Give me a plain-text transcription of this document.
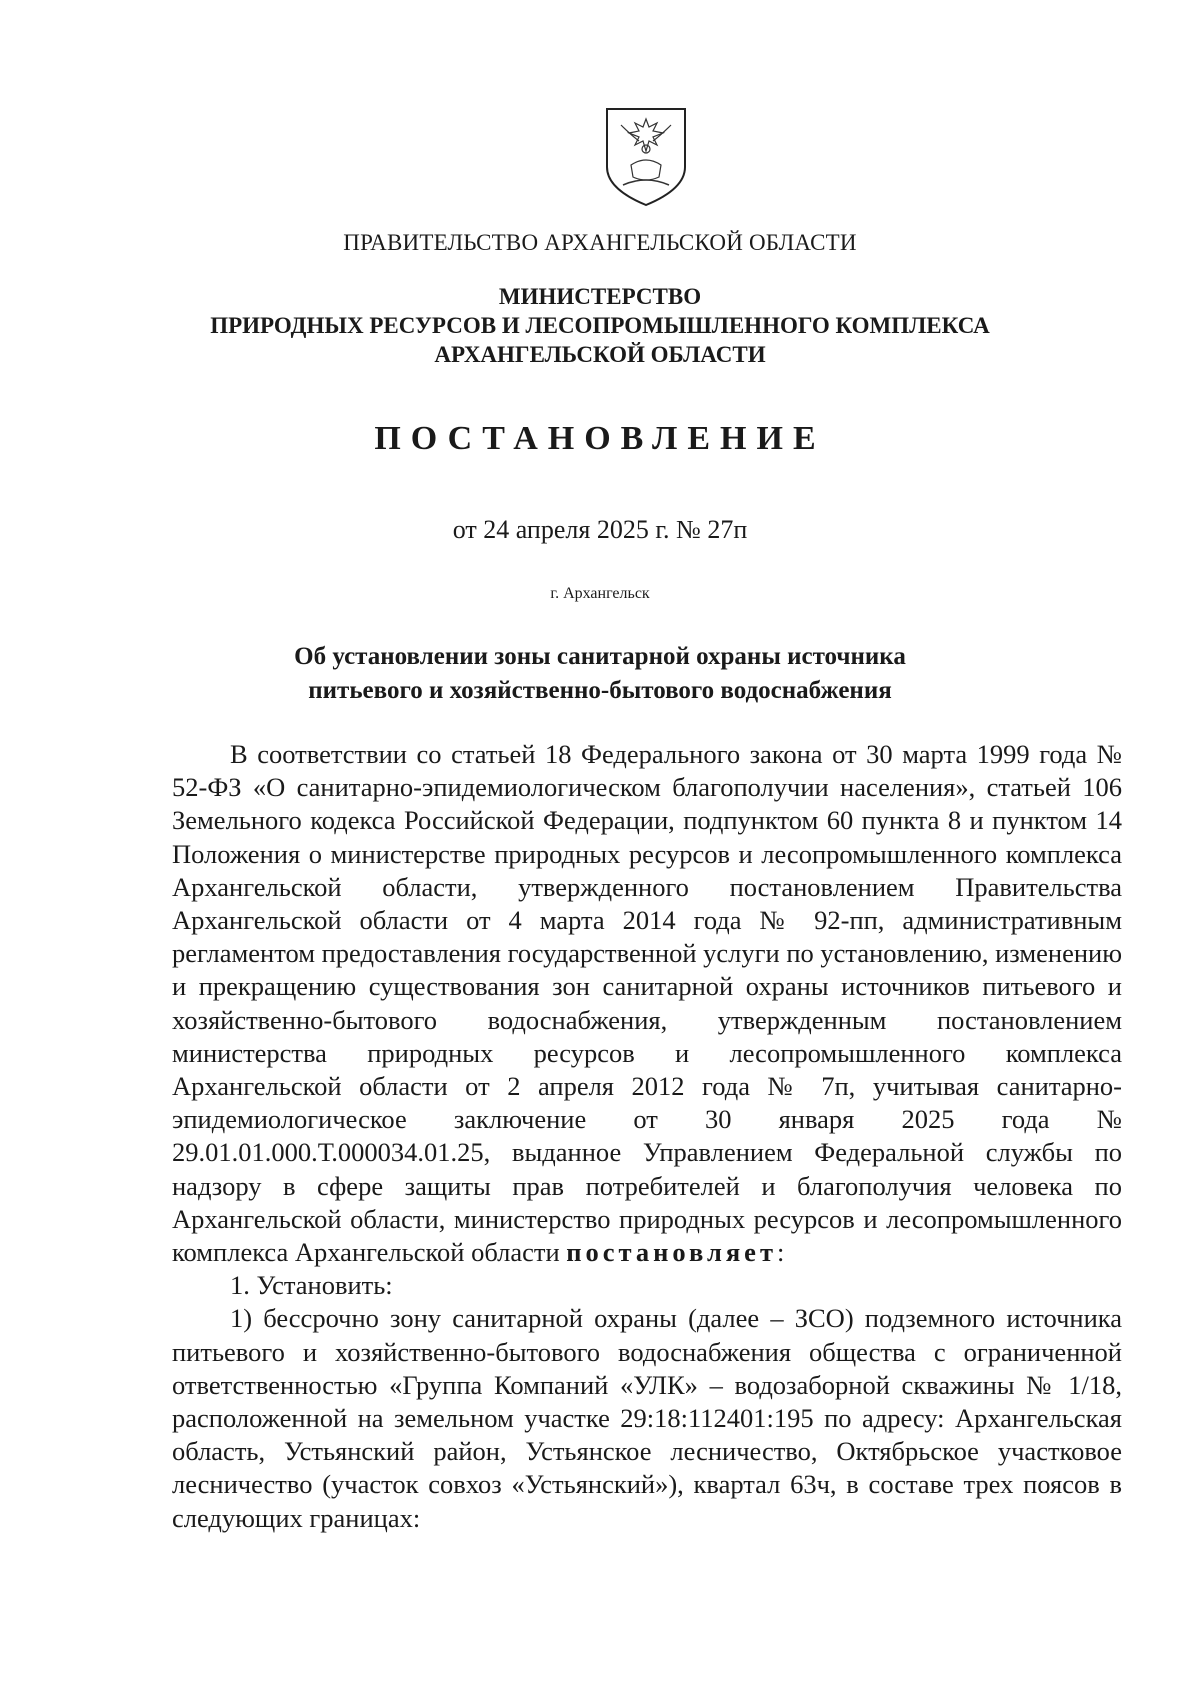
ПРАВИТЕЛЬСТВО АРХАНГЕЛЬСКОЙ ОБЛАСТИ
МИНИСТЕРСТВО
ПРИРОДНЫХ РЕСУРСОВ И ЛЕСОПРОМЫШЛЕННОГО КОМПЛЕКСА
АРХАНГЕЛЬСКОЙ ОБЛАСТИ
ПОСТАНОВЛЕНИЕ
от 24 апреля 2025 г. № 27п
г. Архангельск
Об установлении зоны санитарной охраны источника
питьевого и хозяйственно-бытового водоснабжения

В соответствии со статьей 18 Федерального закона от 30 марта 1999 года № 52-ФЗ «О санитарно-эпидемиологическом благополучии населения», статьей 106 Земельного кодекса Российской Федерации, подпунктом 60 пункта 8 и пунктом 14 Положения о министерстве природных ресурсов и лесопромышленного комплекса Архангельской области, утвержденного постановлением Правительства Архангельской области от 4 марта 2014 года № 92-пп, административным регламентом предоставления государственной услуги по установлению, изменению и прекращению существования зон санитарной охраны источников питьевого и хозяйственно-бытового водоснабжения, утвержденным постановлением министерства природных ресурсов и лесопромышленного комплекса Архангельской области от 2 апреля 2012 года № 7п, учитывая санитарно-эпидемиологическое заключение от 30 января 2025 года № 29.01.01.000.Т.000034.01.25, выданное Управлением Федеральной службы по надзору в сфере защиты прав потребителей и благополучия человека по Архангельской области, министерство природных ресурсов и лесопромышленного комплекса Архангельской области постановляет:

1. Установить:

1) бессрочно зону санитарной охраны (далее – ЗСО) подземного источника питьевого и хозяйственно-бытового водоснабжения общества с ограниченной ответственностью «Группа Компаний «УЛК» – водозаборной скважины № 1/18, расположенной на земельном участке 29:18:112401:195 по адресу: Архангельская область, Устьянский район, Устьянское лесничество, Октябрьское участковое лесничество (участок совхоз «Устьянский»), квартал 63ч, в составе трех поясов в следующих границах:
